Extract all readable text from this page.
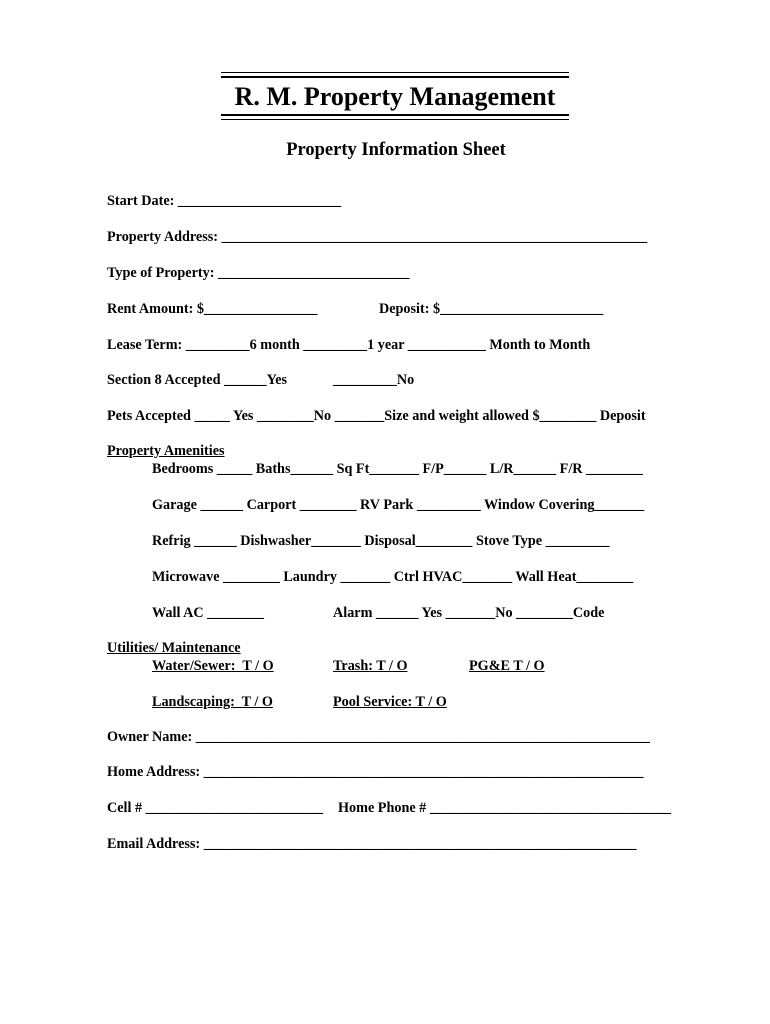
R. M. Property Management
Property Information Sheet
Start Date: _______________________
Property Address: ____________________________________________________________
Type of Property: ___________________________
Rent Amount: $________________	Deposit: $_______________________
Lease Term: _________6 month _________1 year ___________ Month to Month
Section 8 Accepted ______Yes	_________No
Pets Accepted _____ Yes ________No _______Size and weight allowed $________ Deposit
Property Amenities
Bedrooms _____ Baths______ Sq Ft_______ F/P______ L/R______ F/R ________
Garage ______ Carport ________ RV Park _________ Window Covering_______
Refrig ______ Dishwasher_______ Disposal________ Stove Type _________
Microwave ________ Laundry _______ Ctrl HVAC_______ Wall Heat________
Wall AC ________	Alarm ______ Yes _______No ________Code
Utilities/ Maintenance
Water/Sewer:  T / O	Trash: T / O	PG&E T / O
Landscaping:  T / O	Pool Service: T / O
Owner Name: ________________________________________________________________
Home Address: ______________________________________________________________
Cell # _________________________ Home Phone # __________________________________
Email Address: _____________________________________________________________
